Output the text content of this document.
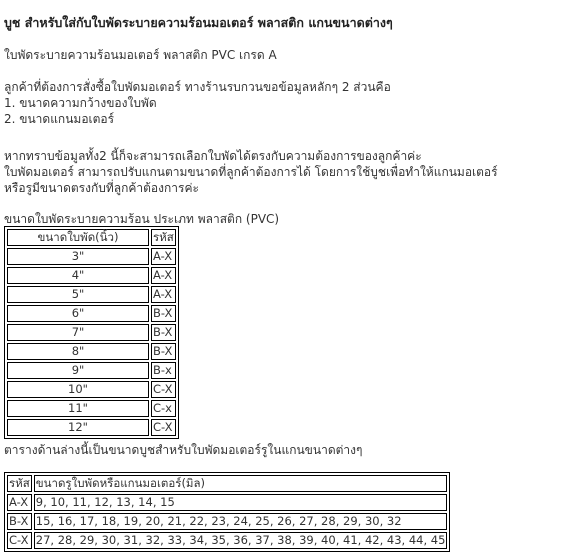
บูช สำหรับใส่กับใบพัดระบายความร้อนมอเตอร์ พลาสติก แกนขนาดต่างๆ
ใบพัดระบายความร้อนมอเตอร์ พลาสติก PVC เกรด A
ลูกค้าที่ต้องการสั่งซื้อใบพัดมอเตอร์ ทางร้านรบกวนขอข้อมูลหลักๆ 2 ส่วนคือ
1. ขนาดความกว้างของใบพัด
2. ขนาดแกนมอเตอร์
หากทราบข้อมูลทั้ง2 นี้ก็จะสามารถเลือกใบพัดได้ตรงกับความต้องการของลูกค้าค่ะ
ใบพัดมอเตอร์ สามารถปรับแกนตามขนาดที่ลูกค้าต้องการได้ โดยการใช้บูชเพื่อทำให้แกนมอเตอร์
หรือรูมีขนาดตรงกับที่ลูกค้าต้องการค่ะ
ขนาดใบพัดระบายความร้อน ประเภท พลาสติก (PVC)
ขนาดใบพัด(นิ้ว)	รหัส
3"	A-X
4"	A-X
5"	A-X
6"	B-X
7"	B-X
8"	B-X
9"	B-x
10"	C-X
11"	C-x
12"	C-X
ตารางด้านล่างนี้เป็นขนาดบูชสำหรับใบพัดมอเตอร์รูในแกนขนาดต่างๆ
รหัส	ขนาดรูใบพัดหรือแกนมอเตอร์(มิล)
A-X	9, 10, 11, 12, 13, 14, 15
B-X	15, 16, 17, 18, 19, 20, 21, 22, 23, 24, 25, 26, 27, 28, 29, 30, 32
C-X	27, 28, 29, 30, 31, 32, 33, 34, 35, 36, 37, 38, 39, 40, 41, 42, 43, 44, 45
